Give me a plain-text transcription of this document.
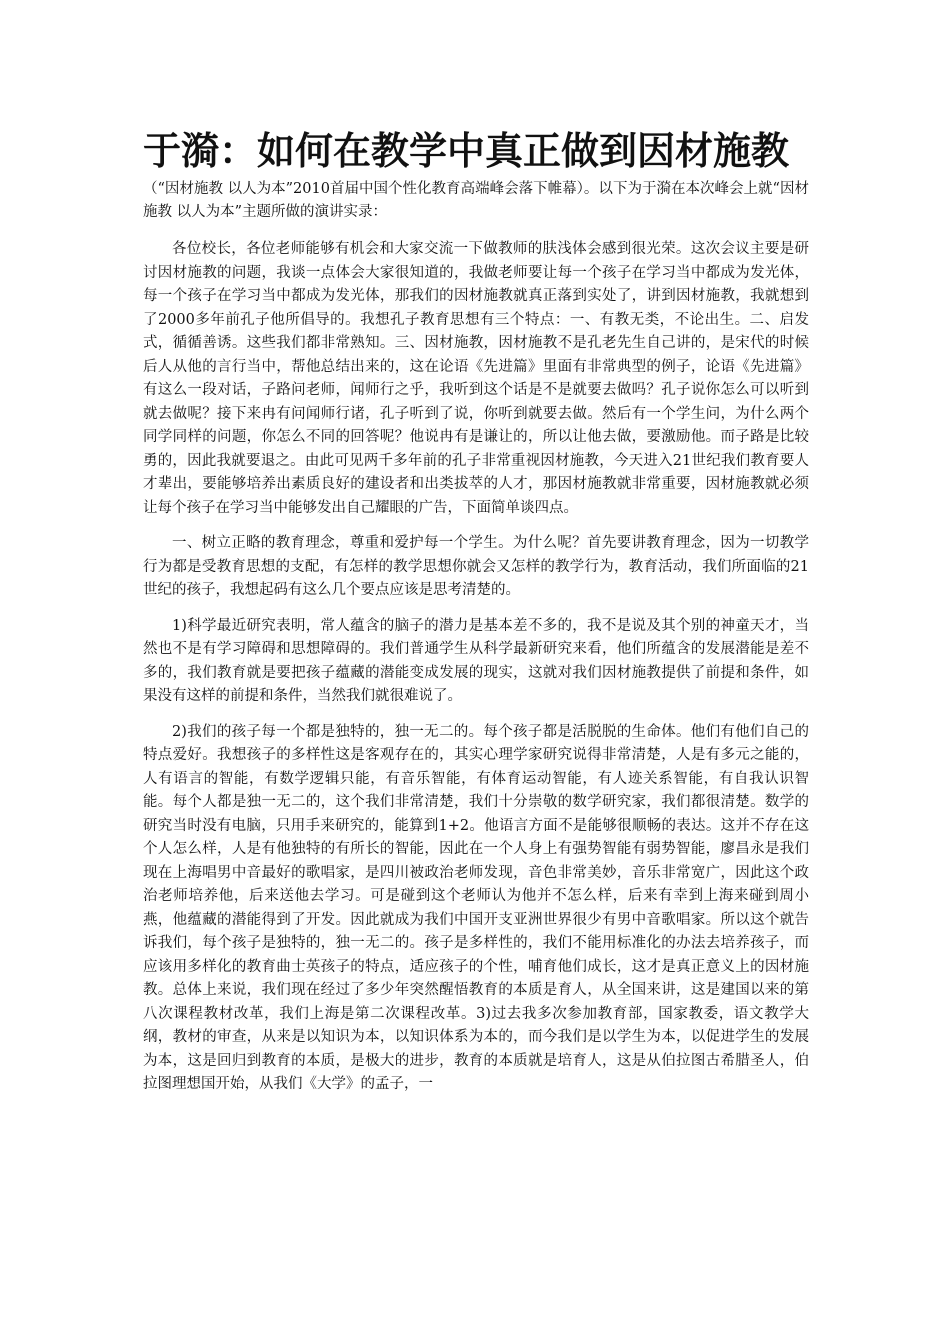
于漪：如何在教学中真正做到因材施教

（“因材施教 以人为本”2010首届中国个性化教育高端峰会落下帷幕）。以下为于漪在本次峰会上就“因材施教 以人为本”主题所做的演讲实录：

各位校长，各位老师能够有机会和大家交流一下做教师的肤浅体会感到很光荣。这次会议主要是研讨因材施教的问题，我谈一点体会大家很知道的，我做老师要让每一个孩子在学习当中都成为发光体，每一个孩子在学习当中都成为发光体，那我们的因材施教就真正落到实处了，讲到因材施教，我就想到了2000多年前孔子他所倡导的。我想孔子教育思想有三个特点：一、有教无类，不论出生。二、启发式，循循善诱。这些我们都非常熟知。三、因材施教，因材施教不是孔老先生自己讲的，是宋代的时候后人从他的言行当中，帮他总结出来的，这在论语《先进篇》里面有非常典型的例子，论语《先进篇》有这么一段对话，子路问老师，闻师行之乎，我听到这个话是不是就要去做吗？孔子说你怎么可以听到就去做呢？接下来冉有问闻师行诸，孔子听到了说，你听到就要去做。然后有一个学生问，为什么两个同学同样的问题，你怎么不同的回答呢？他说冉有是谦让的，所以让他去做，要激励他。而子路是比较勇的，因此我就要退之。由此可见两千多年前的孔子非常重视因材施教，今天进入21世纪我们教育要人才辈出，要能够培养出素质良好的建设者和出类拔萃的人才，那因材施教就非常重要，因材施教就必须让每个孩子在学习当中能够发出自己耀眼的广告，下面简单谈四点。

一、树立正略的教育理念，尊重和爱护每一个学生。为什么呢？首先要讲教育理念，因为一切教学行为都是受教育思想的支配，有怎样的教学思想你就会又怎样的教学行为，教育活动，我们所面临的21世纪的孩子，我想起码有这么几个要点应该是思考清楚的。

1)科学最近研究表明，常人蕴含的脑子的潜力是基本差不多的，我不是说及其个别的神童天才，当然也不是有学习障碍和思想障碍的。我们普通学生从科学最新研究来看，他们所蕴含的发展潜能是差不多的，我们教育就是要把孩子蕴藏的潜能变成发展的现实，这就对我们因材施教提供了前提和条件，如果没有这样的前提和条件，当然我们就很难说了。

2)我们的孩子每一个都是独特的，独一无二的。每个孩子都是活脱脱的生命体。他们有他们自己的特点爱好。我想孩子的多样性这是客观存在的，其实心理学家研究说得非常清楚，人是有多元之能的，人有语言的智能，有数学逻辑只能，有音乐智能，有体育运动智能，有人迹关系智能，有自我认识智能。每个人都是独一无二的，这个我们非常清楚，我们十分崇敬的数学研究家，我们都很清楚。数学的研究当时没有电脑，只用手来研究的，能算到1+2。他语言方面不是能够很顺畅的表达。这并不存在这个人怎么样，人是有他独特的有所长的智能，因此在一个人身上有强势智能有弱势智能，廖昌永是我们现在上海唱男中音最好的歌唱家，是四川被政治老师发现，音色非常美妙，音乐非常宽广，因此这个政治老师培养他，后来送他去学习。可是碰到这个老师认为他并不怎么样，后来有幸到上海来碰到周小燕，他蕴藏的潜能得到了开发。因此就成为我们中国开支亚洲世界很少有男中音歌唱家。所以这个就告诉我们，每个孩子是独特的，独一无二的。孩子是多样性的，我们不能用标准化的办法去培养孩子，而应该用多样化的教育曲士英孩子的特点，适应孩子的个性，哺育他们成长，这才是真正意义上的因材施教。总体上来说，我们现在经过了多少年突然醒悟教育的本质是育人，从全国来讲，这是建国以来的第八次课程教材改革，我们上海是第二次课程改革。3)过去我多次参加教育部，国家教委，语文教学大纲，教材的审查，从来是以知识为本，以知识体系为本的，而今我们是以学生为本，以促进学生的发展为本，这是回归到教育的本质，是极大的进步，教育的本质就是培育人，这是从伯拉图古希腊圣人，伯拉图理想国开始，从我们《大学》的孟子，一
